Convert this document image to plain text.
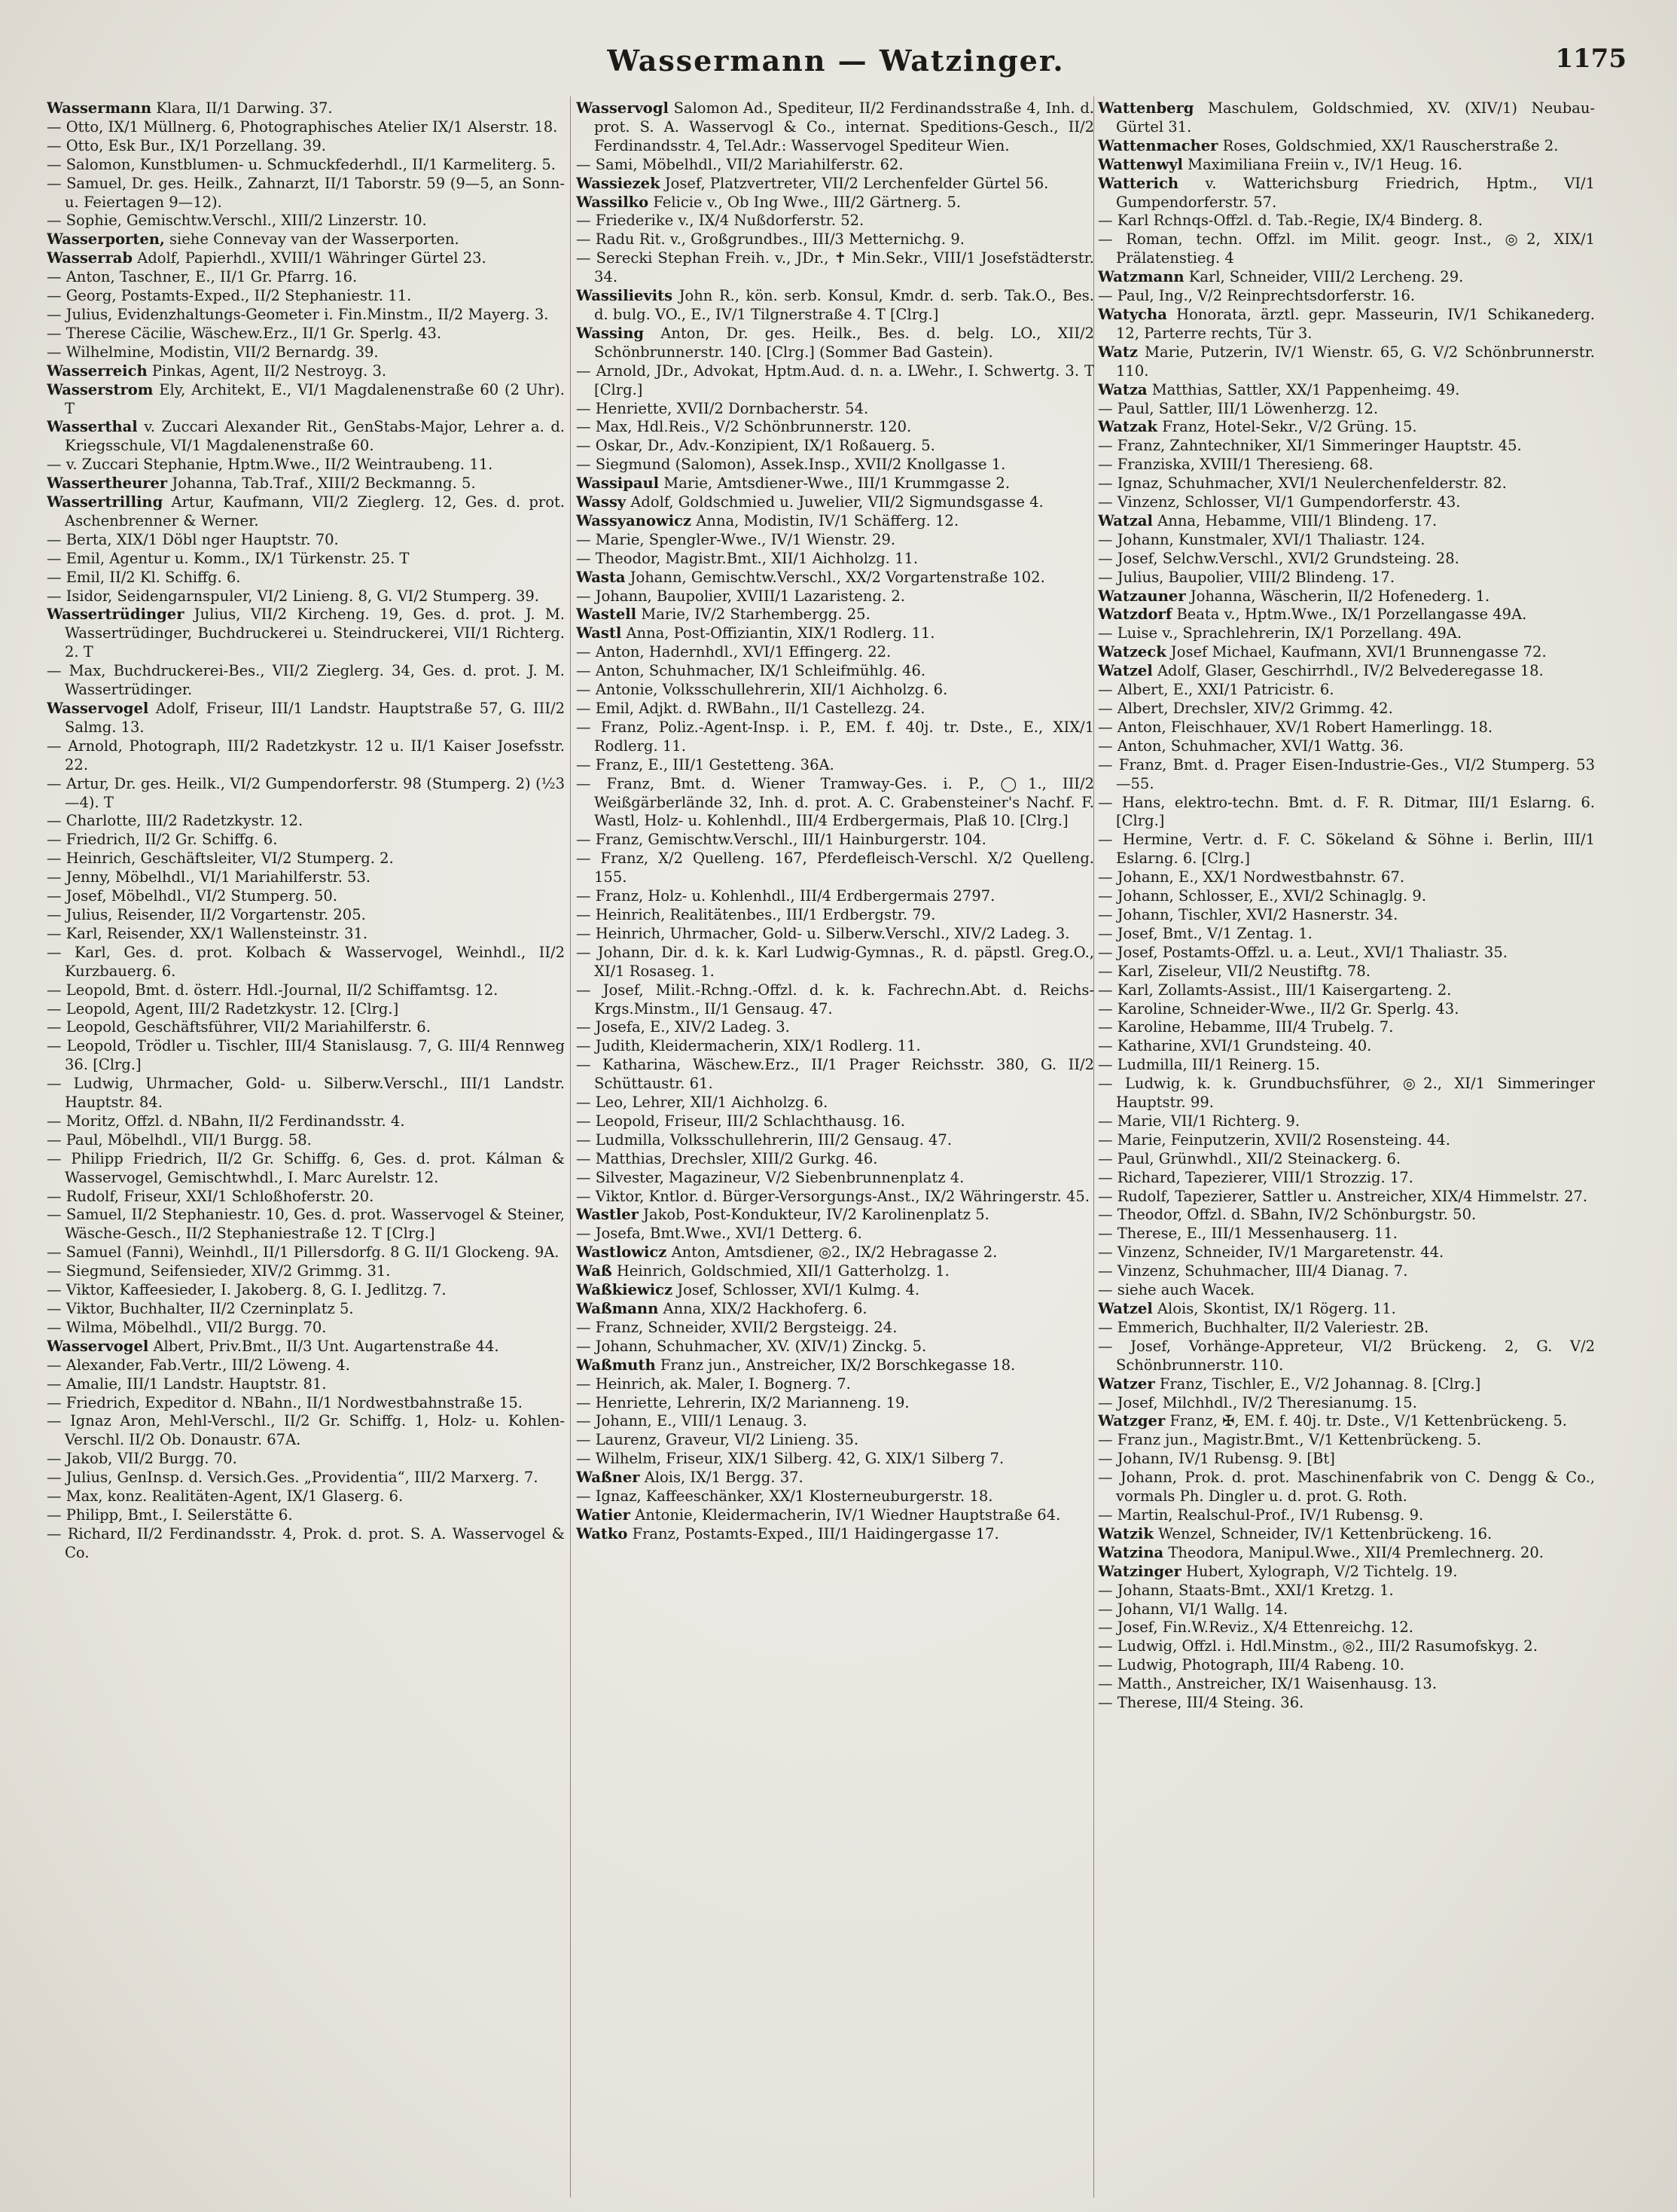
Wassermann — Watzinger.	1175

Wassermann Klara, II/1 Darwing. 37.

— Otto, IX/1 Müllnerg. 6, Photographisches Atelier IX/1 Alserstr. 18.

— Otto, Esk Bur., IX/1 Porzellang. 39.

— Salomon, Kunstblumen- u. Schmuckfederhdl., II/1 Karmeliterg. 5.

— Samuel, Dr. ges. Heilk., Zahnarzt, II/1 Taborstr. 59 (9—5, an Sonn- u. Feiertagen 9—12).

— Sophie, Gemischtw.Verschl., XIII/2 Linzerstr. 10.

Wasserporten, siehe Connevay van der Wasserporten.

Wasserrab Adolf, Papierhdl., XVIII/1 Währinger Gürtel 23.

— Anton, Taschner, E., II/1 Gr. Pfarrg. 16.

— Georg, Postamts-Exped., II/2 Stephaniestr. 11.

— Julius, Evidenzhaltungs-Geometer i. Fin.Minstm., II/2 Mayerg. 3.

— Therese Cäcilie, Wäschew.Erz., II/1 Gr. Sperlg. 43.

— Wilhelmine, Modistin, VII/2 Bernardg. 39.

Wasserreich Pinkas, Agent, II/2 Nestroyg. 3.

Wasserstrom Ely, Architekt, E., VI/1 Magdalenenstraße 60 (2 Uhr). T

Wasserthal v. Zuccari Alexander Rit., GenStabs-Major, Lehrer a. d. Kriegsschule, VI/1 Magdalenenstraße 60.

— v. Zuccari Stephanie, Hptm.Wwe., II/2 Weintraubeng. 11.

Wassertheurer Johanna, Tab.Traf., XIII/2 Beckmanng. 5.

Wassertrilling Artur, Kaufmann, VII/2 Zieglerg. 12, Ges. d. prot. Aschenbrenner & Werner.

— Berta, XIX/1 Döbl nger Hauptstr. 70.

— Emil, Agentur u. Komm., IX/1 Türkenstr. 25. T

— Emil, II/2 Kl. Schiffg. 6.

— Isidor, Seidengarnspuler, VI/2 Linieng. 8, G. VI/2 Stumperg. 39.

Wassertrüdinger Julius, VII/2 Kircheng. 19, Ges. d. prot. J. M. Wassertrüdinger, Buchdruckerei u. Steindruckerei, VII/1 Richterg. 2. T

— Max, Buchdruckerei-Bes., VII/2 Zieglerg. 34, Ges. d. prot. J. M. Wassertrüdinger.

Wasservogel Adolf, Friseur, III/1 Landstr. Hauptstraße 57, G. III/2 Salmg. 13.

— Arnold, Photograph, III/2 Radetzkystr. 12 u. II/1 Kaiser Josefsstr. 22.

— Artur, Dr. ges. Heilk., VI/2 Gumpendorferstr. 98 (Stumperg. 2) (½3—4). T

— Charlotte, III/2 Radetzkystr. 12.

— Friedrich, II/2 Gr. Schiffg. 6.

— Heinrich, Geschäftsleiter, VI/2 Stumperg. 2.

— Jenny, Möbelhdl., VI/1 Mariahilferstr. 53.

— Josef, Möbelhdl., VI/2 Stumperg. 50.

— Julius, Reisender, II/2 Vorgartenstr. 205.

— Karl, Reisender, XX/1 Wallensteinstr. 31.

— Karl, Ges. d. prot. Kolbach & Wasservogel, Weinhdl., II/2 Kurzbauerg. 6.

— Leopold, Bmt. d. österr. Hdl.-Journal, II/2 Schiffamtsg. 12.

— Leopold, Agent, III/2 Radetzkystr. 12. [Clrg.]

— Leopold, Geschäftsführer, VII/2 Mariahilferstr. 6.

— Leopold, Trödler u. Tischler, III/4 Stanislausg. 7, G. III/4 Rennweg 36. [Clrg.]

— Ludwig, Uhrmacher, Gold- u. Silberw.Verschl., III/1 Landstr. Hauptstr. 84.

— Moritz, Offzl. d. NBahn, II/2 Ferdinandsstr. 4.

— Paul, Möbelhdl., VII/1 Burgg. 58.

— Philipp Friedrich, II/2 Gr. Schiffg. 6, Ges. d. prot. Kálman & Wasservogel, Gemischtwhdl., I. Marc Aurelstr. 12.

— Rudolf, Friseur, XXI/1 Schloßhoferstr. 20.

— Samuel, II/2 Stephaniestr. 10, Ges. d. prot. Wasservogel & Steiner, Wäsche-Gesch., II/2 Stephaniestraße 12. T [Clrg.]

— Samuel (Fanni), Weinhdl., II/1 Pillersdorfg. 8 G. II/1 Glockeng. 9A.

— Siegmund, Seifensieder, XIV/2 Grimmg. 31.

— Viktor, Kaffeesieder, I. Jakoberg. 8, G. I. Jedlitzg. 7.

— Viktor, Buchhalter, II/2 Czerninplatz 5.

— Wilma, Möbelhdl., VII/2 Burgg. 70.

Wasservogel Albert, Priv.Bmt., II/3 Unt. Augartenstraße 44.

— Alexander, Fab.Vertr., III/2 Löweng. 4.

— Amalie, III/1 Landstr. Hauptstr. 81.

— Friedrich, Expeditor d. NBahn., II/1 Nordwestbahnstraße 15.

— Ignaz Aron, Mehl-Verschl., II/2 Gr. Schiffg. 1, Holz- u. Kohlen-Verschl. II/2 Ob. Donaustr. 67A.

— Jakob, VII/2 Burgg. 70.

— Julius, GenInsp. d. Versich.Ges. „Providentia“, III/2 Marxerg. 7.

— Max, konz. Realitäten-Agent, IX/1 Glaserg. 6.

— Philipp, Bmt., I. Seilerstätte 6.

— Richard, II/2 Ferdinandsstr. 4, Prok. d. prot. S. A. Wasservogel & Co.

Wasservogl Salomon Ad., Spediteur, II/2 Ferdinandsstraße 4, Inh. d. prot. S. A. Wasservogl & Co., internat. Speditions-Gesch., II/2 Ferdinandsstr. 4, Tel.Adr.: Wasservogel Spediteur Wien.

— Sami, Möbelhdl., VII/2 Mariahilferstr. 62.

Wassiezek Josef, Platzvertreter, VII/2 Lerchenfelder Gürtel 56.

Wassilko Felicie v., Ob Ing Wwe., III/2 Gärtnerg. 5.

— Friederike v., IX/4 Nußdorferstr. 52.

— Radu Rit. v., Großgrundbes., III/3 Metternichg. 9.

— Serecki Stephan Freih. v., JDr., ✝ Min.Sekr., VIII/1 Josefstädterstr. 34.

Wassilievits John R., kön. serb. Konsul, Kmdr. d. serb. Tak.O., Bes. d. bulg. VO., E., IV/1 Tilgnerstraße 4. T [Clrg.]

Wassing Anton, Dr. ges. Heilk., Bes. d. belg. LO., XII/2 Schönbrunnerstr. 140. [Clrg.] (Sommer Bad Gastein).

— Arnold, JDr., Advokat, Hptm.Aud. d. n. a. LWehr., I. Schwertg. 3. T [Clrg.]

— Henriette, XVII/2 Dornbacherstr. 54.

— Max, Hdl.Reis., V/2 Schönbrunnerstr. 120.

— Oskar, Dr., Adv.-Konzipient, IX/1 Roßauerg. 5.

— Siegmund (Salomon), Assek.Insp., XVII/2 Knollgasse 1.

Wassipaul Marie, Amtsdiener-Wwe., III/1 Krummgasse 2.

Wassy Adolf, Goldschmied u. Juwelier, VII/2 Sigmundsgasse 4.

Wassyanowicz Anna, Modistin, IV/1 Schäfferg. 12.

— Marie, Spengler-Wwe., IV/1 Wienstr. 29.

— Theodor, Magistr.Bmt., XII/1 Aichholzg. 11.

Wasta Johann, Gemischtw.Verschl., XX/2 Vorgartenstraße 102.

— Johann, Baupolier, XVIII/1 Lazaristeng. 2.

Wastell Marie, IV/2 Starhembergg. 25.

Wastl Anna, Post-Offiziantin, XIX/1 Rodlerg. 11.

— Anton, Hadernhdl., XVI/1 Effingerg. 22.

— Anton, Schuhmacher, IX/1 Schleifmühlg. 46.

— Antonie, Volksschullehrerin, XII/1 Aichholzg. 6.

— Emil, Adjkt. d. RWBahn., II/1 Castellezg. 24.

— Franz, Poliz.-Agent-Insp. i. P., EM. f. 40j. tr. Dste., E., XIX/1 Rodlerg. 11.

— Franz, E., III/1 Gestetteng. 36A.

— Franz, Bmt. d. Wiener Tramway-Ges. i. P., ◯1., III/2 Weißgärberlände 32, Inh. d. prot. A. C. Grabensteiner's Nachf. F. Wastl, Holz- u. Kohlenhdl., III/4 Erdbergermais, Plaß 10. [Clrg.]

— Franz, Gemischtw.Verschl., III/1 Hainburgerstr. 104.

— Franz, X/2 Quelleng. 167, Pferdefleisch-Verschl. X/2 Quelleng. 155.

— Franz, Holz- u. Kohlenhdl., III/4 Erdbergermais 2797.

— Heinrich, Realitätenbes., III/1 Erdbergstr. 79.

— Heinrich, Uhrmacher, Gold- u. Silberw.Verschl., XIV/2 Ladeg. 3.

— Johann, Dir. d. k. k. Karl Ludwig-Gymnas., R. d. päpstl. Greg.O., XI/1 Rosaseg. 1.

— Josef, Milit.-Rchng.-Offzl. d. k. k. Fachrechn.Abt. d. Reichs-Krgs.Minstm., II/1 Gensaug. 47.

— Josefa, E., XIV/2 Ladeg. 3.

— Judith, Kleidermacherin, XIX/1 Rodlerg. 11.

— Katharina, Wäschew.Erz., II/1 Prager Reichsstr. 380, G. II/2 Schüttaustr. 61.

— Leo, Lehrer, XII/1 Aichholzg. 6.

— Leopold, Friseur, III/2 Schlachthausg. 16.

— Ludmilla, Volksschullehrerin, III/2 Gensaug. 47.

— Matthias, Drechsler, XIII/2 Gurkg. 46.

— Silvester, Magazineur, V/2 Siebenbrunnenplatz 4.

— Viktor, Kntlor. d. Bürger-Versorgungs-Anst., IX/2 Währingerstr. 45.

Wastler Jakob, Post-Kondukteur, IV/2 Karolinenplatz 5.

— Josefa, Bmt.Wwe., XVI/1 Detterg. 6.

Wastlowicz Anton, Amtsdiener, ◎2., IX/2 Hebragasse 2.

Waß Heinrich, Goldschmied, XII/1 Gatterholzg. 1.

Waßkiewicz Josef, Schlosser, XVI/1 Kulmg. 4.

Waßmann Anna, XIX/2 Hackhoferg. 6.

— Franz, Schneider, XVII/2 Bergsteigg. 24.

— Johann, Schuhmacher, XV. (XIV/1) Zinckg. 5.

Waßmuth Franz jun., Anstreicher, IX/2 Borschkegasse 18.

— Heinrich, ak. Maler, I. Bognerg. 7.

— Henriette, Lehrerin, IX/2 Marianneng. 19.

— Johann, E., VIII/1 Lenaug. 3.

— Laurenz, Graveur, VI/2 Linieng. 35.

— Wilhelm, Friseur, XIX/1 Silberg. 42, G. XIX/1 Silberg 7.

Waßner Alois, IX/1 Bergg. 37.

— Ignaz, Kaffeeschänker, XX/1 Klosterneuburgerstr. 18.

Watier Antonie, Kleidermacherin, IV/1 Wiedner Hauptstraße 64.

Watko Franz, Postamts-Exped., III/1 Haidingergasse 17.

Wattenberg Maschulem, Goldschmied, XV. (XIV/1) Neubau-Gürtel 31.

Wattenmacher Roses, Goldschmied, XX/1 Rauscherstraße 2.

Wattenwyl Maximiliana Freiin v., IV/1 Heug. 16.

Watterich v. Watterichsburg Friedrich, Hptm., VI/1 Gumpendorferstr. 57.

— Karl Rchnqs-Offzl. d. Tab.-Regie, IX/4 Binderg. 8.

— Roman, techn. Offzl. im Milit. geogr. Inst., ◎2, XIX/1 Prälatenstieg. 4

Watzmann Karl, Schneider, VIII/2 Lercheng. 29.

— Paul, Ing., V/2 Reinprechtsdorferstr. 16.

Watycha Honorata, ärztl. gepr. Masseurin, IV/1 Schikanederg. 12, Parterre rechts, Tür 3.

Watz Marie, Putzerin, IV/1 Wienstr. 65, G. V/2 Schönbrunnerstr. 110.

Watza Matthias, Sattler, XX/1 Pappenheimg. 49.

— Paul, Sattler, III/1 Löwenherzg. 12.

Watzak Franz, Hotel-Sekr., V/2 Grüng. 15.

— Franz, Zahntechniker, XI/1 Simmeringer Hauptstr. 45.

— Franziska, XVIII/1 Theresieng. 68.

— Ignaz, Schuhmacher, XVI/1 Neulerchenfelderstr. 82.

— Vinzenz, Schlosser, VI/1 Gumpendorferstr. 43.

Watzal Anna, Hebamme, VIII/1 Blindeng. 17.

— Johann, Kunstmaler, XVI/1 Thaliastr. 124.

— Josef, Selchw.Verschl., XVI/2 Grundsteing. 28.

— Julius, Baupolier, VIII/2 Blindeng. 17.

Watzauner Johanna, Wäscherin, II/2 Hofenederg. 1.

Watzdorf Beata v., Hptm.Wwe., IX/1 Porzellangasse 49A.

— Luise v., Sprachlehrerin, IX/1 Porzellang. 49A.

Watzeck Josef Michael, Kaufmann, XVI/1 Brunnengasse 72.

Watzel Adolf, Glaser, Geschirrhdl., IV/2 Belvederegasse 18.

— Albert, E., XXI/1 Patricistr. 6.

— Albert, Drechsler, XIV/2 Grimmg. 42.

— Anton, Fleischhauer, XV/1 Robert Hamerlingg. 18.

— Anton, Schuhmacher, XVI/1 Wattg. 36.

— Franz, Bmt. d. Prager Eisen-Industrie-Ges., VI/2 Stumperg. 53—55.

— Hans, elektro-techn. Bmt. d. F. R. Ditmar, III/1 Eslarng. 6. [Clrg.]

— Hermine, Vertr. d. F. C. Sökeland & Söhne i. Berlin, III/1 Eslarng. 6. [Clrg.]

— Johann, E., XX/1 Nordwestbahnstr. 67.

— Johann, Schlosser, E., XVI/2 Schinaglg. 9.

— Johann, Tischler, XVI/2 Hasnerstr. 34.

— Josef, Bmt., V/1 Zentag. 1.

— Josef, Postamts-Offzl. u. a. Leut., XVI/1 Thaliastr. 35.

— Karl, Ziseleur, VII/2 Neustiftg. 78.

— Karl, Zollamts-Assist., III/1 Kaisergarteng. 2.

— Karoline, Schneider-Wwe., II/2 Gr. Sperlg. 43.

— Karoline, Hebamme, III/4 Trubelg. 7.

— Katharine, XVI/1 Grundsteing. 40.

— Ludmilla, III/1 Reinerg. 15.

— Ludwig, k. k. Grundbuchsführer, ◎2., XI/1 Simmeringer Hauptstr. 99.

— Marie, VII/1 Richterg. 9.

— Marie, Feinputzerin, XVII/2 Rosensteing. 44.

— Paul, Grünwhdl., XII/2 Steinackerg. 6.

— Richard, Tapezierer, VIII/1 Strozzig. 17.

— Rudolf, Tapezierer, Sattler u. Anstreicher, XIX/4 Himmelstr. 27.

— Theodor, Offzl. d. SBahn, IV/2 Schönburgstr. 50.

— Therese, E., III/1 Messenhauserg. 11.

— Vinzenz, Schneider, IV/1 Margaretenstr. 44.

— Vinzenz, Schuhmacher, III/4 Dianag. 7.

— siehe auch Wacek.

Watzel Alois, Skontist, IX/1 Rögerg. 11.

— Emmerich, Buchhalter, II/2 Valeriestr. 2B.

— Josef, Vorhänge-Appreteur, VI/2 Brückeng. 2, G. V/2 Schönbrunnerstr. 110.

Watzer Franz, Tischler, E., V/2 Johannag. 8. [Clrg.]

— Josef, Milchhdl., IV/2 Theresianumg. 15.

Watzger Franz, ✠, EM. f. 40j. tr. Dste., V/1 Kettenbrückeng. 5.

— Franz jun., Magistr.Bmt., V/1 Kettenbrückeng. 5.

— Johann, IV/1 Rubensg. 9. [Bt]

— Johann, Prok. d. prot. Maschinenfabrik von C. Dengg & Co., vormals Ph. Dingler u. d. prot. G. Roth.

— Martin, Realschul-Prof., IV/1 Rubensg. 9.

Watzik Wenzel, Schneider, IV/1 Kettenbrückeng. 16.

Watzina Theodora, Manipul.Wwe., XII/4 Premlechnerg. 20.

Watzinger Hubert, Xylograph, V/2 Tichtelg. 19.

— Johann, Staats-Bmt., XXI/1 Kretzg. 1.

— Johann, VI/1 Wallg. 14.

— Josef, Fin.W.Reviz., X/4 Ettenreichg. 12.

— Ludwig, Offzl. i. Hdl.Minstm., ◎2., III/2 Rasumofskyg. 2.

— Ludwig, Photograph, III/4 Rabeng. 10.

— Matth., Anstreicher, IX/1 Waisenhausg. 13.

— Therese, III/4 Steing. 36.
